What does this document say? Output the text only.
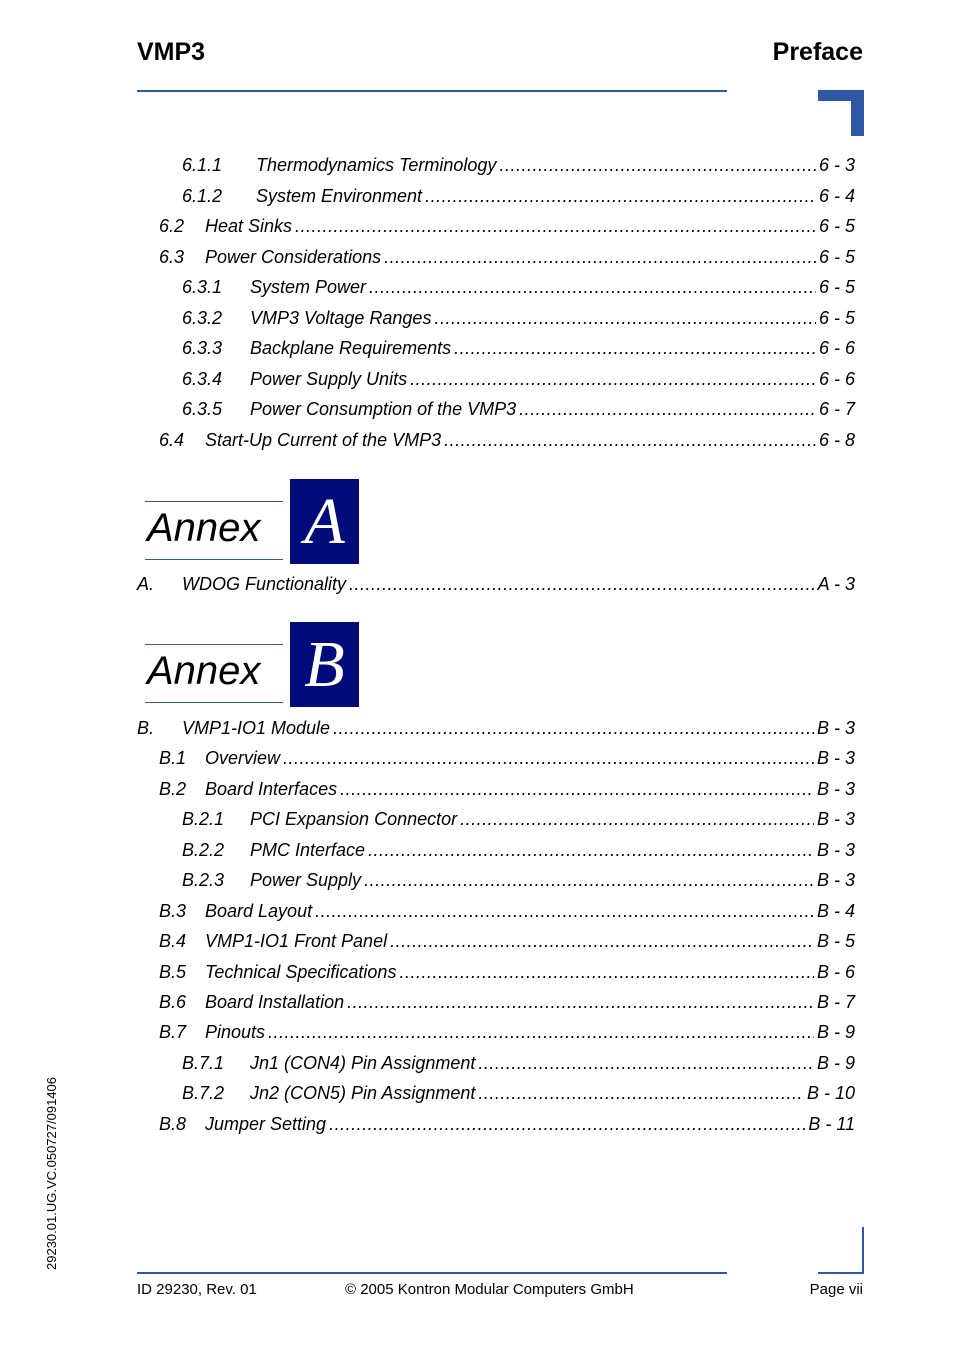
VMP3	Preface
6.1.1	Thermodynamics Terminology .....	6 - 3
6.1.2	System Environment .....	6 - 4
6.2	Heat Sinks .....	6 - 5
6.3	Power Considerations .....	6 - 5
6.3.1	System Power .....	6 - 5
6.3.2	VMP3 Voltage Ranges .....	6 - 5
6.3.3	Backplane Requirements .....	6 - 6
6.3.4	Power Supply Units .....	6 - 6
6.3.5	Power Consumption of the VMP3 .....	6 - 7
6.4	Start-Up Current of the VMP3 .....	6 - 8
Annex A
A.	WDOG Functionality .....	A - 3
Annex B
B.	VMP1-IO1 Module .....	B - 3
B.1	Overview .....	B - 3
B.2	Board Interfaces .....	B - 3
B.2.1	PCI Expansion Connector .....	B - 3
B.2.2	PMC Interface .....	B - 3
B.2.3	Power Supply .....	B - 3
B.3	Board Layout .....	B - 4
B.4	VMP1-IO1 Front Panel .....	B - 5
B.5	Technical Specifications .....	B - 6
B.6	Board Installation .....	B - 7
B.7	Pinouts .....	B - 9
B.7.1	Jn1 (CON4) Pin Assignment .....	B - 9
B.7.2	Jn2 (CON5) Pin Assignment .....	B - 10
B.8	Jumper Setting .....	B - 11
29230.01.UG.VC.050727/091406
ID 29230, Rev. 01	© 2005 Kontron Modular Computers GmbH	Page vii
